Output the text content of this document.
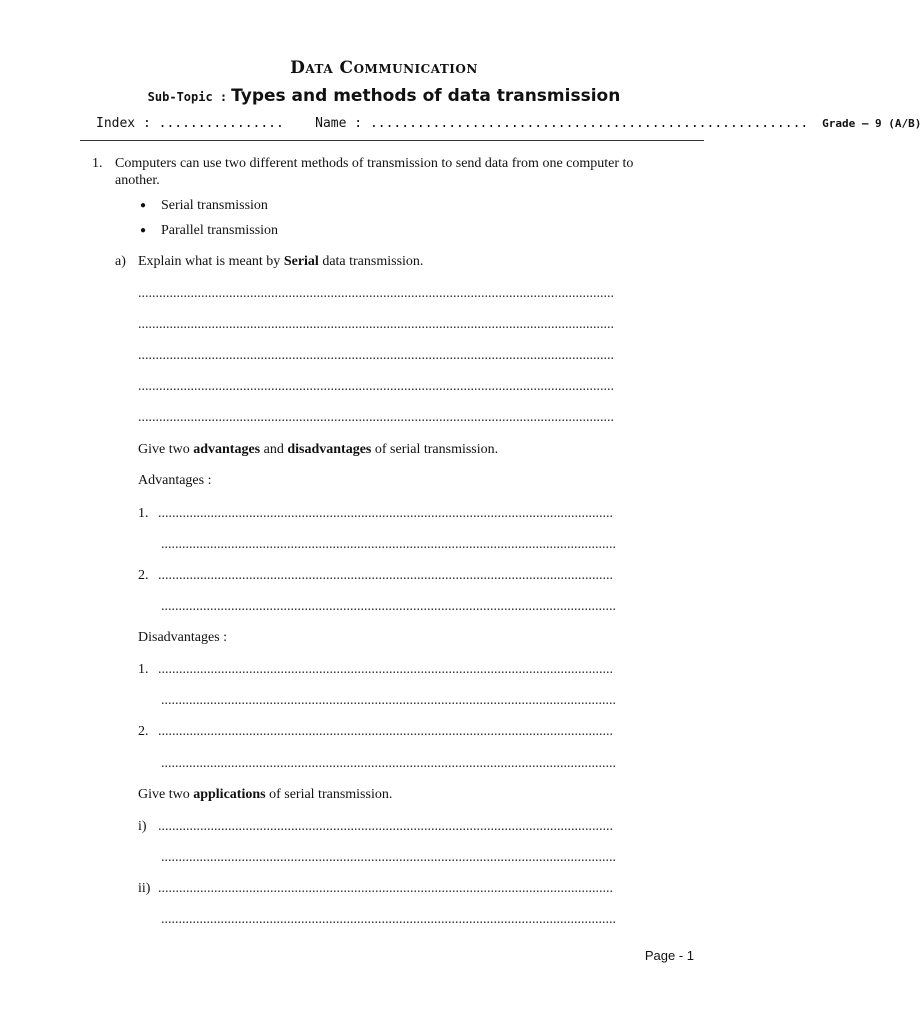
Data Communication
Sub-Topic : Types and methods of data transmission
Index : ................ Name : ........................................................ Grade – 9 (A/B)
1. Computers can use two different methods of transmission to send data from one computer to
another.
● Serial transmission
● Parallel transmission
a) Explain what is meant by Serial data transmission.
........................................................................................................................................
........................................................................................................................................
........................................................................................................................................
........................................................................................................................................
........................................................................................................................................
Give two advantages and disadvantages of serial transmission.
Advantages :
1. ..................................................................................................................................
..................................................................................................................................
2. ..................................................................................................................................
..................................................................................................................................
Disadvantages :
1. ..................................................................................................................................
..................................................................................................................................
2. ..................................................................................................................................
..................................................................................................................................
Give two applications of serial transmission.
i) ..................................................................................................................................
..................................................................................................................................
ii) ..................................................................................................................................
..................................................................................................................................
Page - 1
